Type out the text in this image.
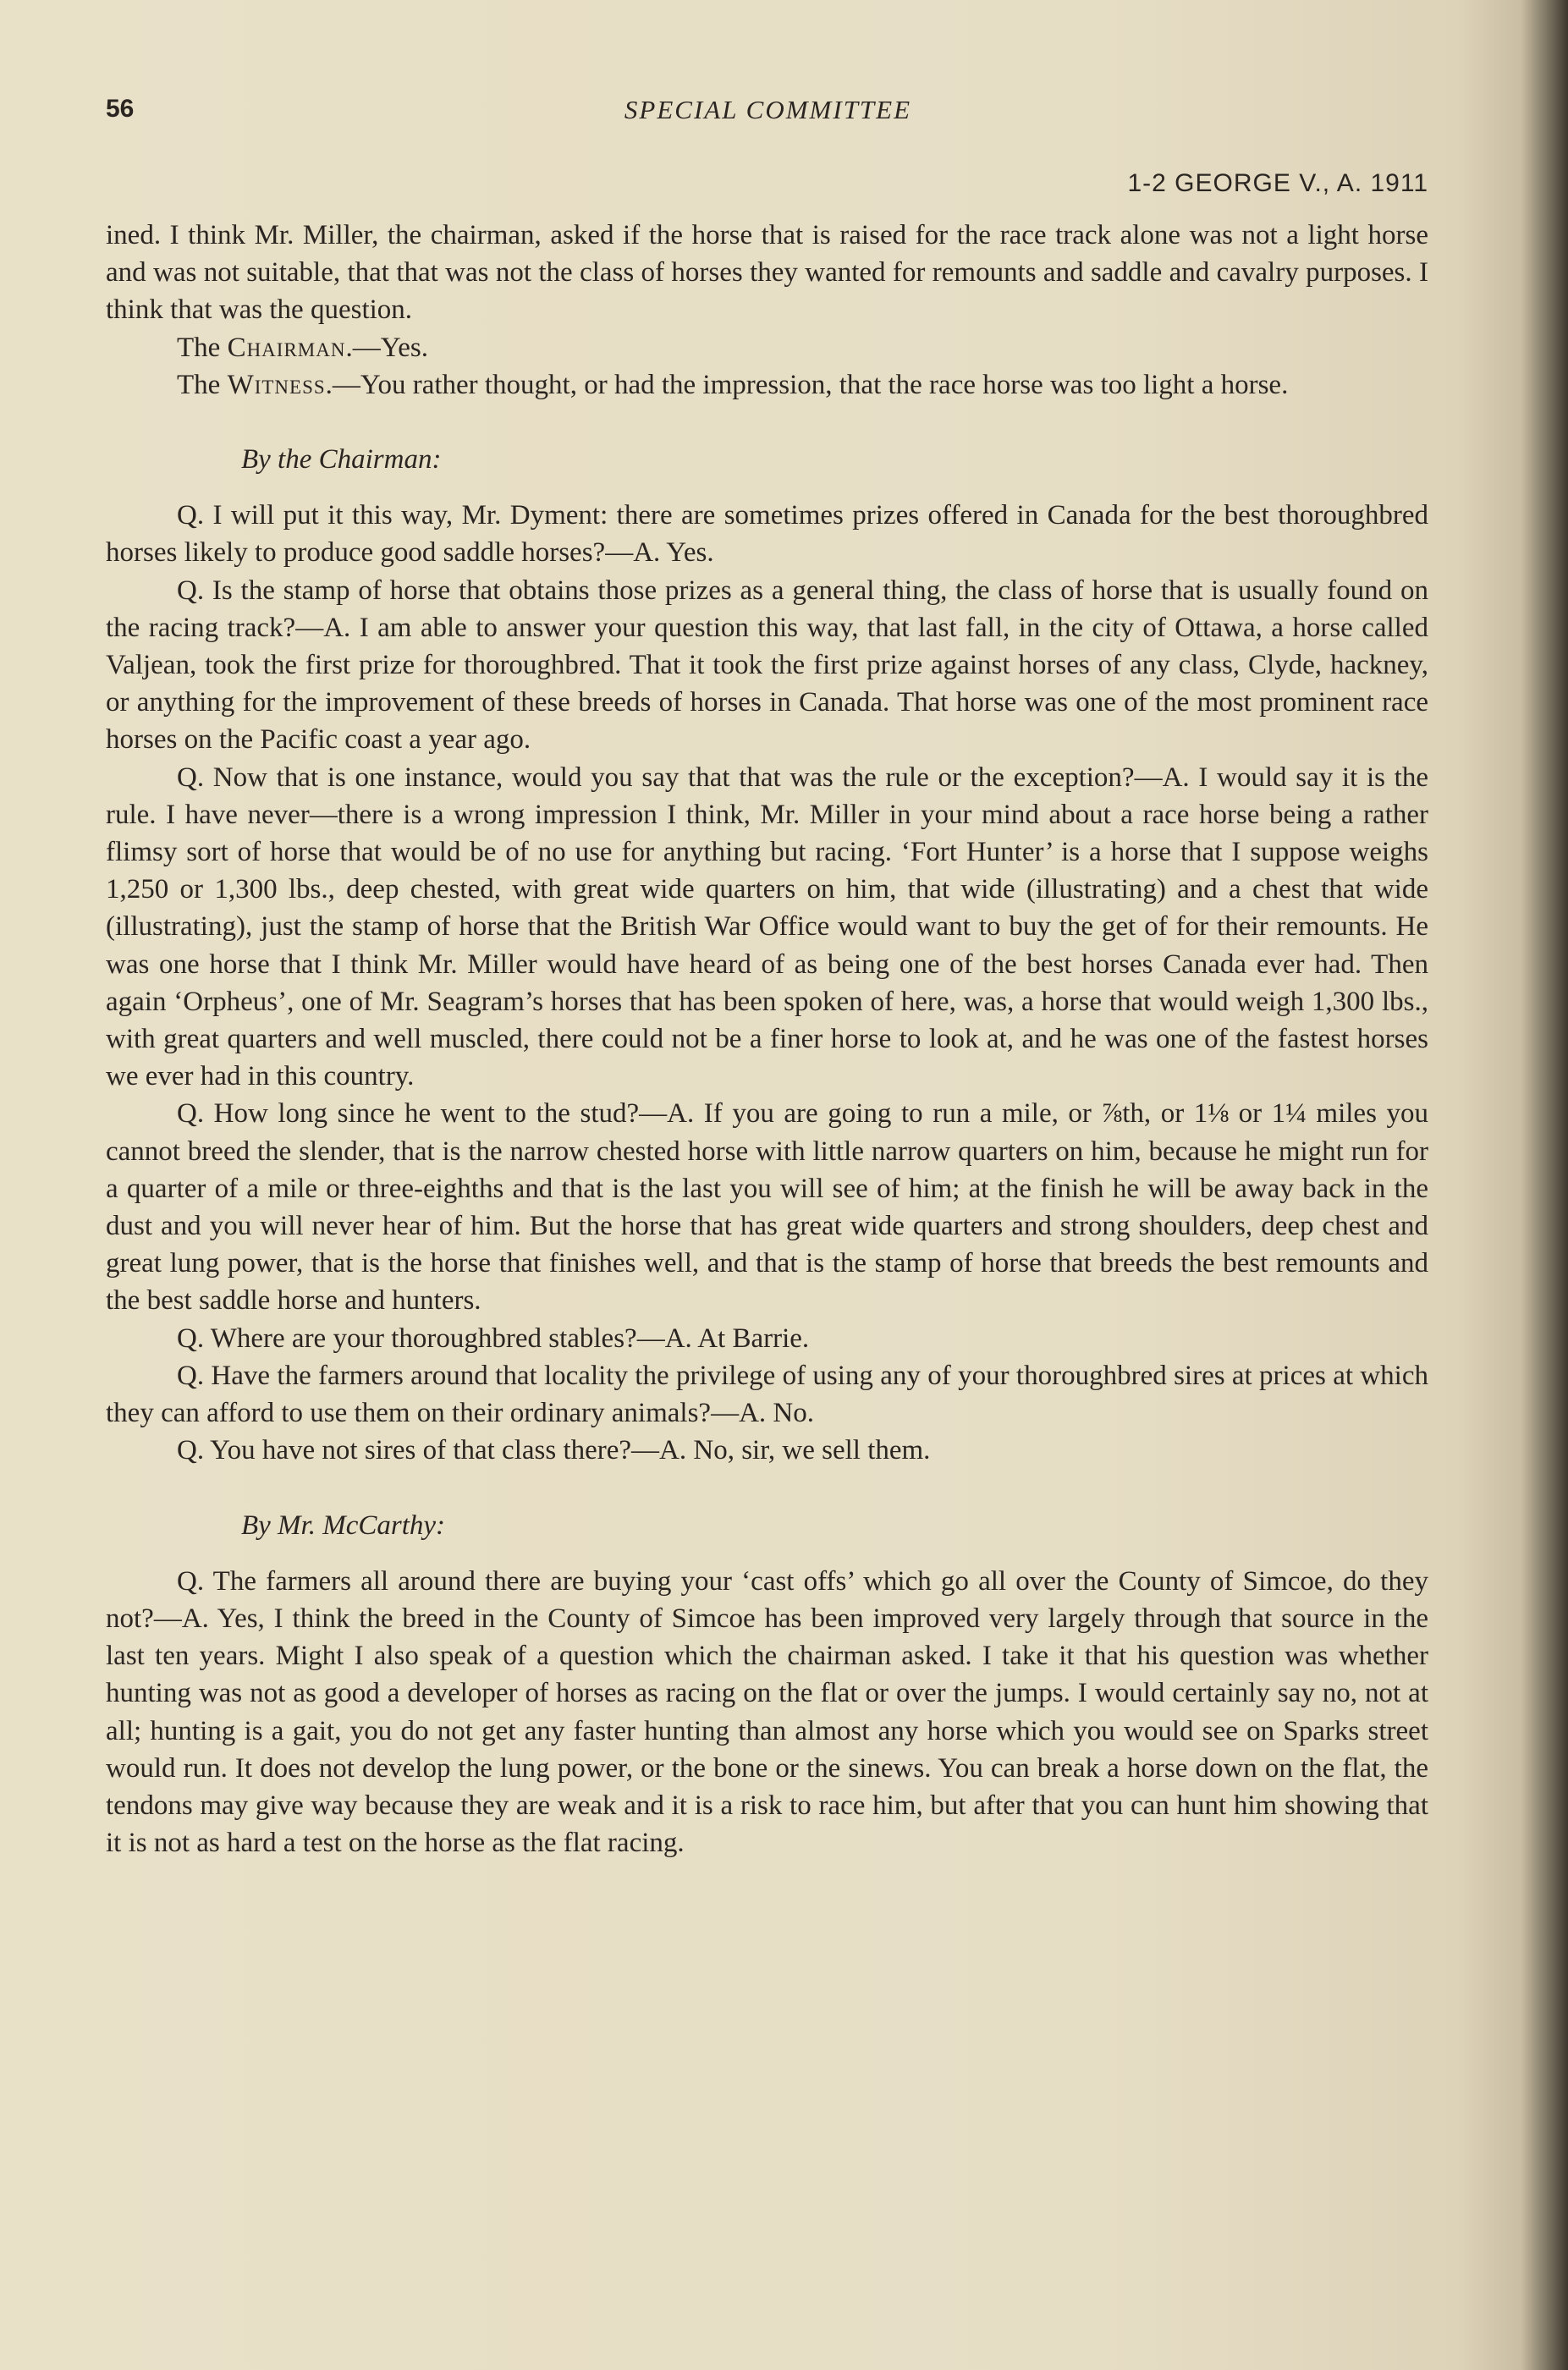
56	SPECIAL COMMITTEE
1-2 GEORGE V., A. 1911

ined. I think Mr. Miller, the chairman, asked if the horse that is raised for the race track alone was not a light horse and was not suitable, that that was not the class of horses they wanted for remounts and saddle and cavalry purposes. I think that was the question.

The Chairman.—Yes.

The Witness.—You rather thought, or had the impression, that the race horse was too light a horse.

By the Chairman:

Q. I will put it this way, Mr. Dyment: there are sometimes prizes offered in Canada for the best thoroughbred horses likely to produce good saddle horses?—A. Yes.

Q. Is the stamp of horse that obtains those prizes as a general thing, the class of horse that is usually found on the racing track?—A. I am able to answer your question this way, that last fall, in the city of Ottawa, a horse called Valjean, took the first prize for thoroughbred. That it took the first prize against horses of any class, Clyde, hackney, or anything for the improvement of these breeds of horses in Canada. That horse was one of the most prominent race horses on the Pacific coast a year ago.

Q. Now that is one instance, would you say that that was the rule or the exception?—A. I would say it is the rule. I have never—there is a wrong impression I think, Mr. Miller in your mind about a race horse being a rather flimsy sort of horse that would be of no use for anything but racing. ‘Fort Hunter’ is a horse that I suppose weighs 1,250 or 1,300 lbs., deep chested, with great wide quarters on him, that wide (illustrating) and a chest that wide (illustrating), just the stamp of horse that the British War Office would want to buy the get of for their remounts. He was one horse that I think Mr. Miller would have heard of as being one of the best horses Canada ever had. Then again ‘Orpheus’, one of Mr. Seagram’s horses that has been spoken of here, was, a horse that would weigh 1,300 lbs., with great quarters and well muscled, there could not be a finer horse to look at, and he was one of the fastest horses we ever had in this country.

Q. How long since he went to the stud?—A. If you are going to run a mile, or ⅞th, or 1⅛ or 1¼ miles you cannot breed the slender, that is the narrow chested horse with little narrow quarters on him, because he might run for a quarter of a mile or three-eighths and that is the last you will see of him; at the finish he will be away back in the dust and you will never hear of him. But the horse that has great wide quarters and strong shoulders, deep chest and great lung power, that is the horse that finishes well, and that is the stamp of horse that breeds the best remounts and the best saddle horse and hunters.

Q. Where are your thoroughbred stables?—A. At Barrie.

Q. Have the farmers around that locality the privilege of using any of your thoroughbred sires at prices at which they can afford to use them on their ordinary animals?—A. No.

Q. You have not sires of that class there?—A. No, sir, we sell them.

By Mr. McCarthy:

Q. The farmers all around there are buying your ‘cast offs’ which go all over the County of Simcoe, do they not?—A. Yes, I think the breed in the County of Simcoe has been improved very largely through that source in the last ten years. Might I also speak of a question which the chairman asked. I take it that his question was whether hunting was not as good a developer of horses as racing on the flat or over the jumps. I would certainly say no, not at all; hunting is a gait, you do not get any faster hunting than almost any horse which you would see on Sparks street would run. It does not develop the lung power, or the bone or the sinews. You can break a horse down on the flat, the tendons may give way because they are weak and it is a risk to race him, but after that you can hunt him showing that it is not as hard a test on the horse as the flat racing.
